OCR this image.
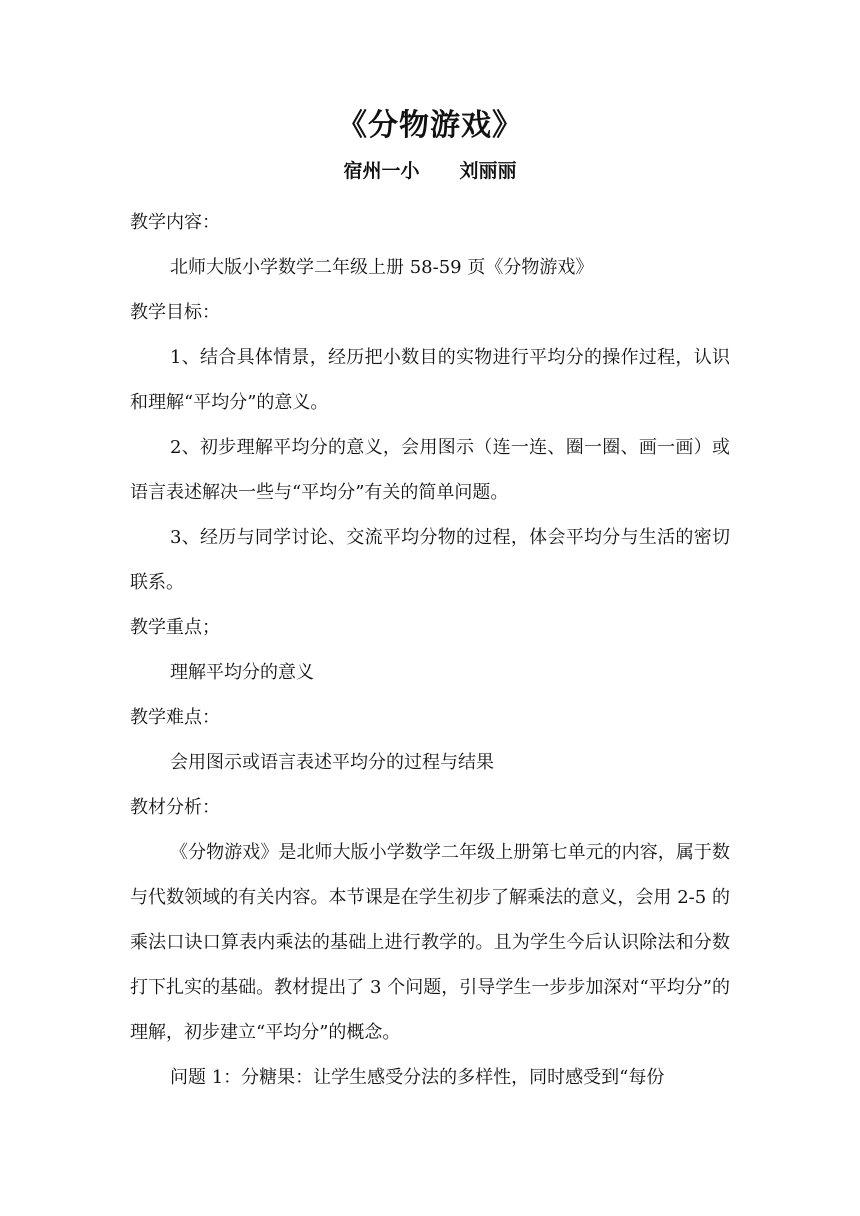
《分物游戏》
宿州一小 刘丽丽

教学内容：

北师大版小学数学二年级上册 58-59 页《分物游戏》

教学目标：

1、结合具体情景，经历把小数目的实物进行平均分的操作过程，认识和理解“平均分”的意义。

2、初步理解平均分的意义，会用图示（连一连、圈一圈、画一画）或语言表述解决一些与“平均分”有关的简单问题。

3、经历与同学讨论、交流平均分物的过程，体会平均分与生活的密切联系。

教学重点；

理解平均分的意义

教学难点：

会用图示或语言表述平均分的过程与结果

教材分析：

《分物游戏》是北师大版小学数学二年级上册第七单元的内容，属于数与代数领域的有关内容。本节课是在学生初步了解乘法的意义，会用 2-5 的乘法口诀口算表内乘法的基础上进行教学的。且为学生今后认识除法和分数打下扎实的基础。教材提出了 3 个问题，引导学生一步步加深对“平均分”的理解，初步建立“平均分”的概念。

问题 1：分糖果：让学生感受分法的多样性，同时感受到“每份
